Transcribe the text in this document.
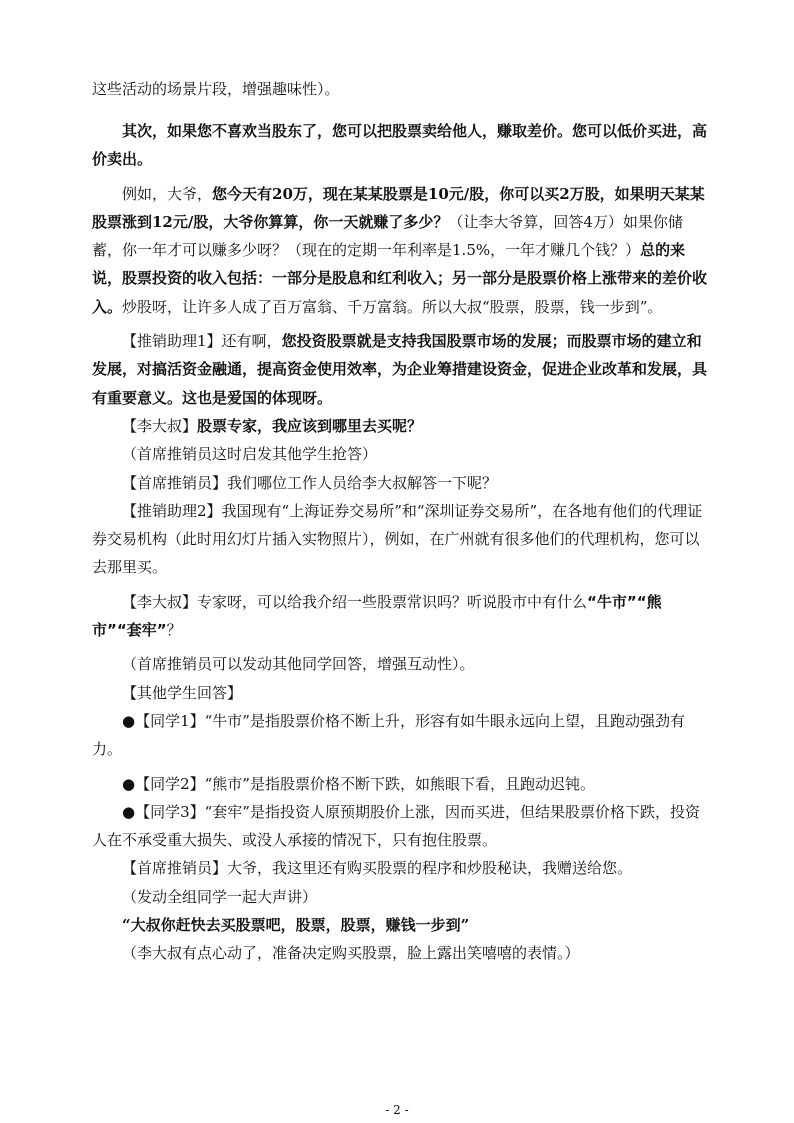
这些活动的场景片段，增强趣味性）。

其次，如果您不喜欢当股东了，您可以把股票卖给他人，赚取差价。您可以低价买进，高价卖出。

例如，大爷，您今天有20万，现在某某股票是10元/股，你可以买2万股，如果明天某某股票涨到12元/股，大爷你算算，你一天就赚了多少？（让李大爷算，回答4万）如果你储蓄，你一年才可以赚多少呀？（现在的定期一年利率是1.5%，一年才赚几个钱？）总的来说，股票投资的收入包括：一部分是股息和红利收入；另一部分是股票价格上涨带来的差价收入。炒股呀，让许多人成了百万富翁、千万富翁。所以大叔“股票，股票，钱一步到”。

【推销助理1】还有啊，您投资股票就是支持我国股票市场的发展；而股票市场的建立和发展，对搞活资金融通，提高资金使用效率，为企业筹措建设资金，促进企业改革和发展，具有重要意义。这也是爱国的体现呀。

【李大叔】股票专家，我应该到哪里去买呢？

（首席推销员这时启发其他学生抢答）

【首席推销员】我们哪位工作人员给李大叔解答一下呢？

【推销助理2】我国现有“上海证券交易所”和“深圳证券交易所”，在各地有他们的代理证券交易机构（此时用幻灯片插入实物照片），例如，在广州就有很多他们的代理机构，您可以去那里买。

【李大叔】专家呀，可以给我介绍一些股票常识吗？听说股市中有什么“牛市”“熊市”“套牢”？

（首席推销员可以发动其他同学回答，增强互动性）。

【其他学生回答】

●【同学1】“牛市”是指股票价格不断上升，形容有如牛眼永远向上望，且跑动强劲有力。

●【同学2】“熊市”是指股票价格不断下跌，如熊眼下看，且跑动迟钝。

●【同学3】“套牢”是指投资人原预期股价上涨，因而买进，但结果股票价格下跌，投资人在不承受重大损失、或没人承接的情况下，只有抱住股票。

【首席推销员】大爷，我这里还有购买股票的程序和炒股秘诀，我赠送给您。

（发动全组同学一起大声讲）

“大叔你赶快去买股票吧，股票，股票，赚钱一步到”

（李大叔有点心动了，准备决定购买股票，脸上露出笑嘻嘻的表情。）

- 2 -
